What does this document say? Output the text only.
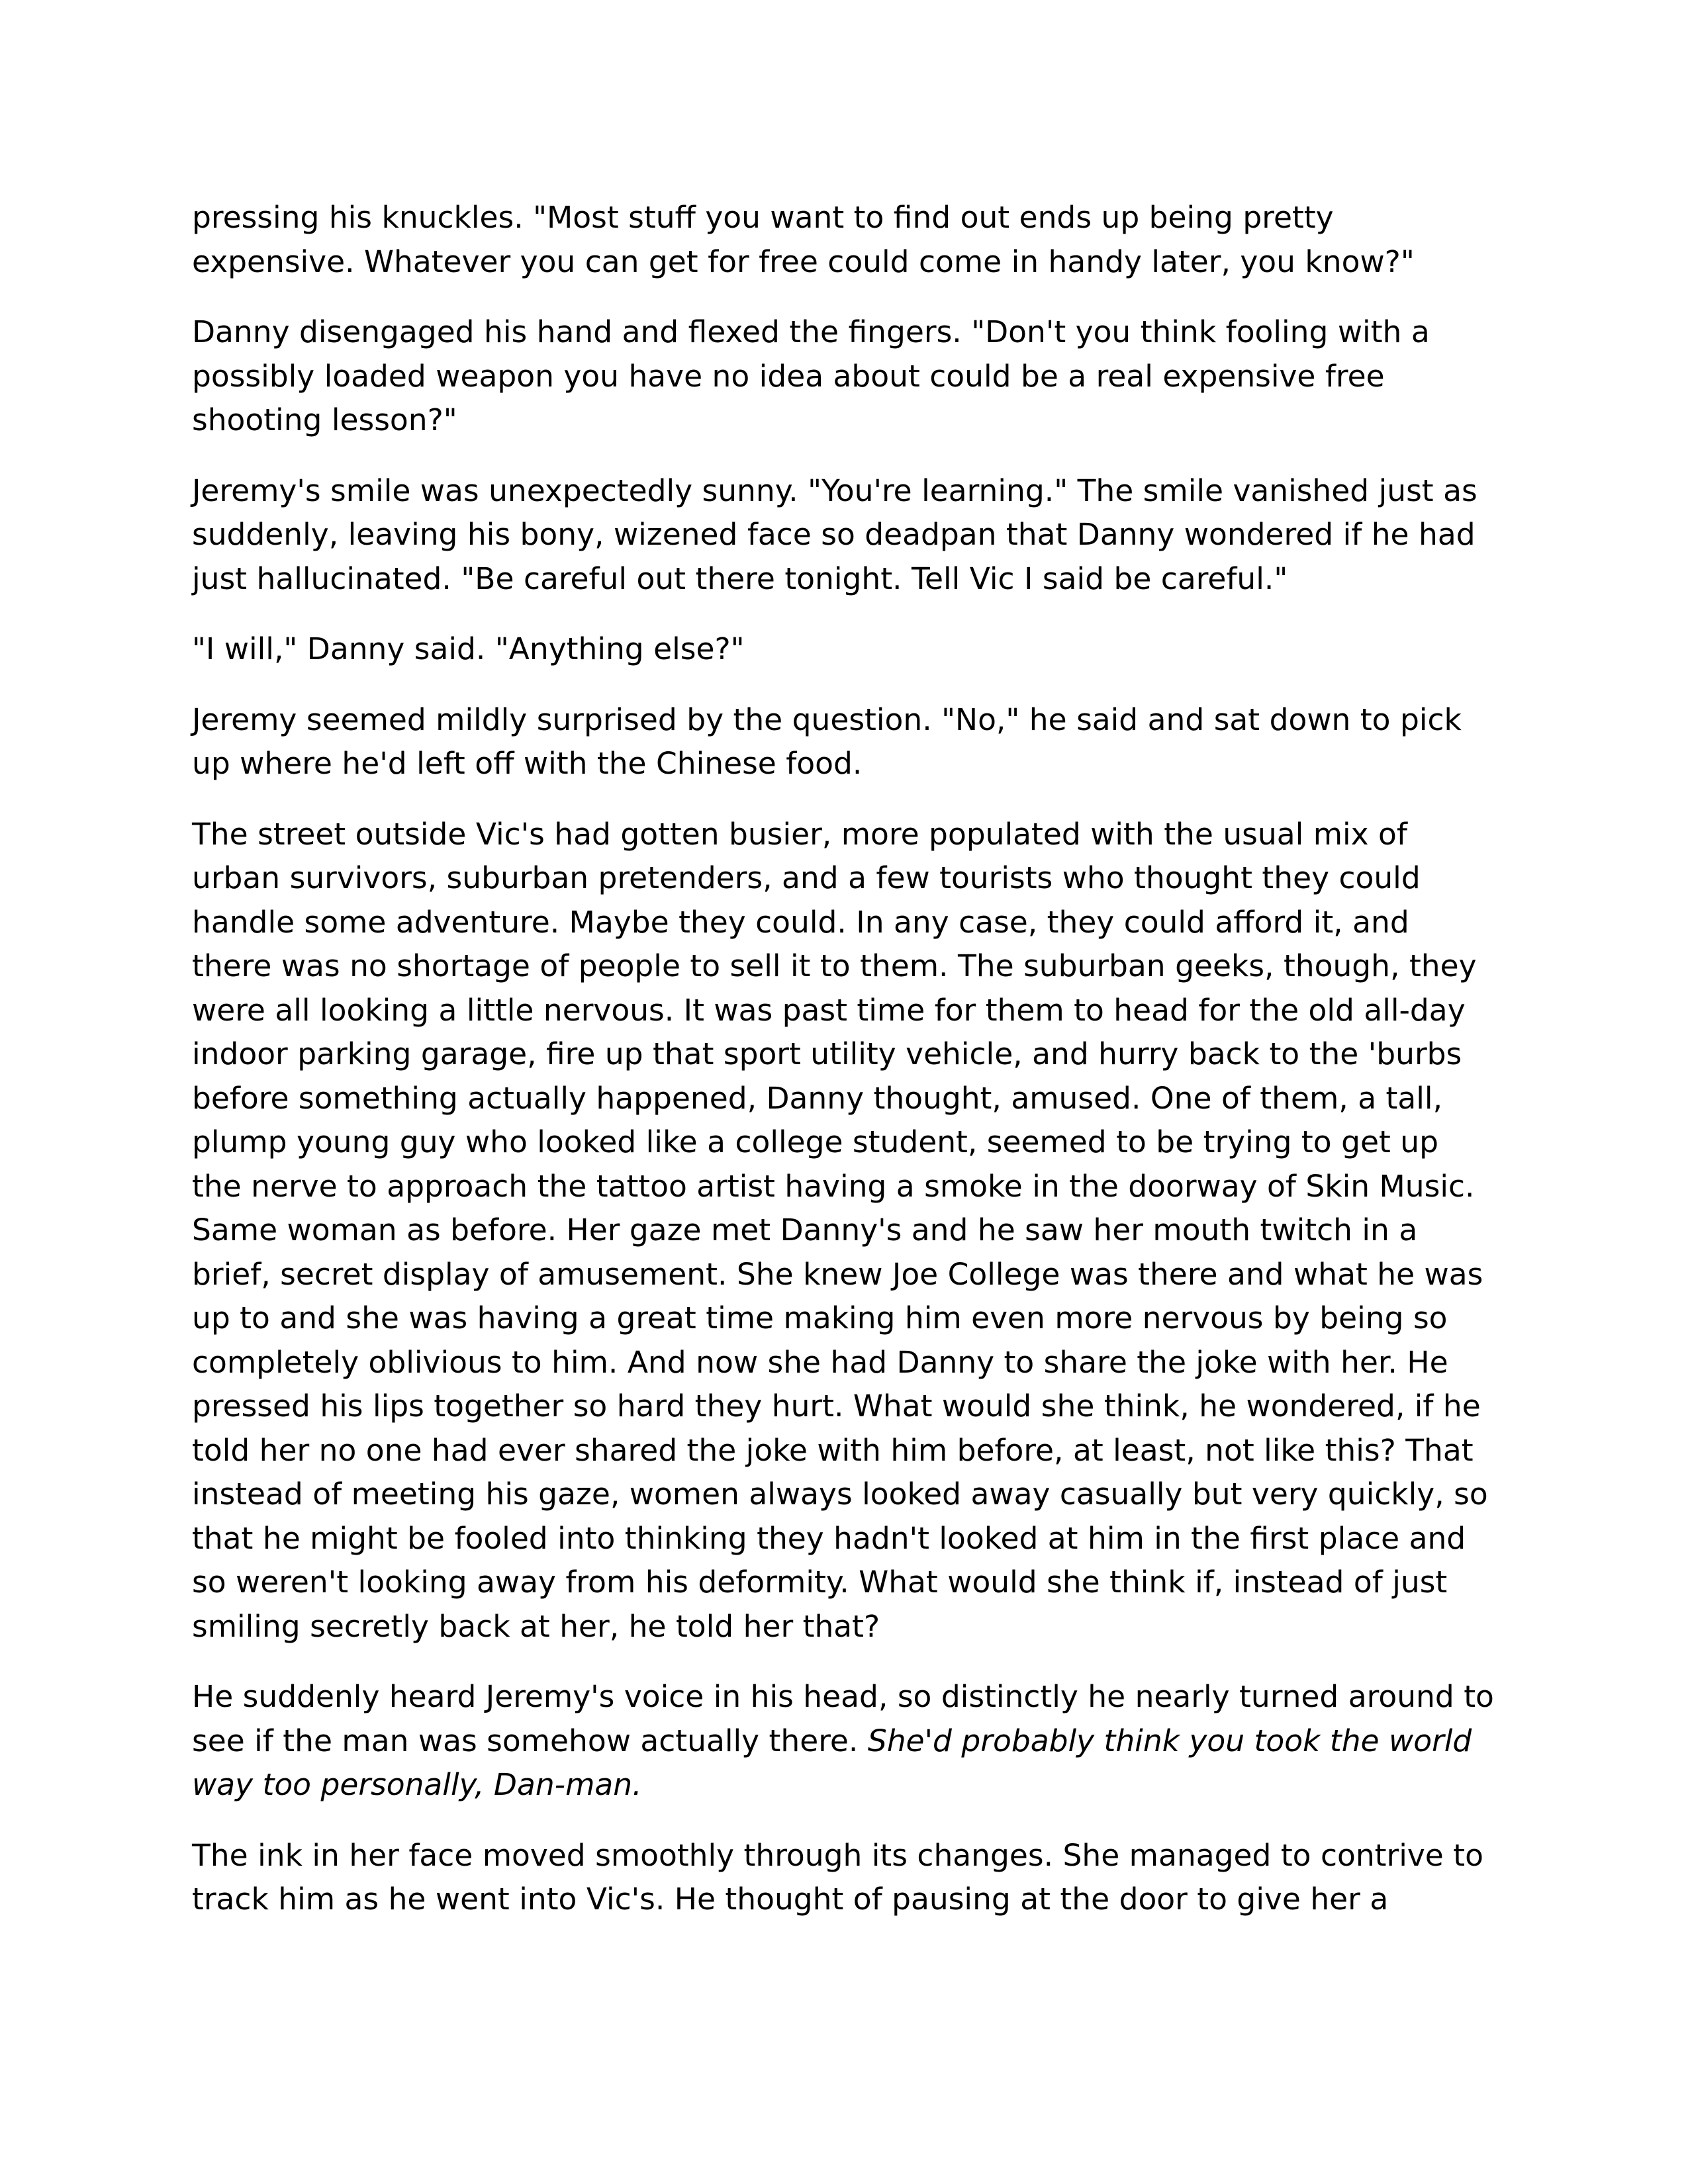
pressing his knuckles. "Most stuff you want to find out ends up being pretty expensive. Whatever you can get for free could come in handy later, you know?"

Danny disengaged his hand and flexed the fingers. "Don't you think fooling with a possibly loaded weapon you have no idea about could be a real expensive free shooting lesson?"

Jeremy's smile was unexpectedly sunny. "You're learning." The smile vanished just as suddenly, leaving his bony, wizened face so deadpan that Danny wondered if he had just hallucinated. "Be careful out there tonight. Tell Vic I said be careful."

"I will," Danny said. "Anything else?"

Jeremy seemed mildly surprised by the question. "No," he said and sat down to pick up where he'd left off with the Chinese food.

The street outside Vic's had gotten busier, more populated with the usual mix of urban survivors, suburban pretenders, and a few tourists who thought they could handle some adventure. Maybe they could. In any case, they could afford it, and there was no shortage of people to sell it to them. The suburban geeks, though, they were all looking a little nervous. It was past time for them to head for the old all-day indoor parking garage, fire up that sport utility vehicle, and hurry back to the 'burbs before something actually happened, Danny thought, amused. One of them, a tall, plump young guy who looked like a college student, seemed to be trying to get up the nerve to approach the tattoo artist having a smoke in the doorway of Skin Music. Same woman as before. Her gaze met Danny's and he saw her mouth twitch in a brief, secret display of amusement. She knew Joe College was there and what he was up to and she was having a great time making him even more nervous by being so completely oblivious to him. And now she had Danny to share the joke with her. He pressed his lips together so hard they hurt. What would she think, he wondered, if he told her no one had ever shared the joke with him before, at least, not like this? That instead of meeting his gaze, women always looked away casually but very quickly, so that he might be fooled into thinking they hadn't looked at him in the first place and so weren't looking away from his deformity. What would she think if, instead of just smiling secretly back at her, he told her that?

He suddenly heard Jeremy's voice in his head, so distinctly he nearly turned around to see if the man was somehow actually there. She'd probably think you took the world way too personally, Dan-man.

The ink in her face moved smoothly through its changes. She managed to contrive to track him as he went into Vic's. He thought of pausing at the door to give her a
